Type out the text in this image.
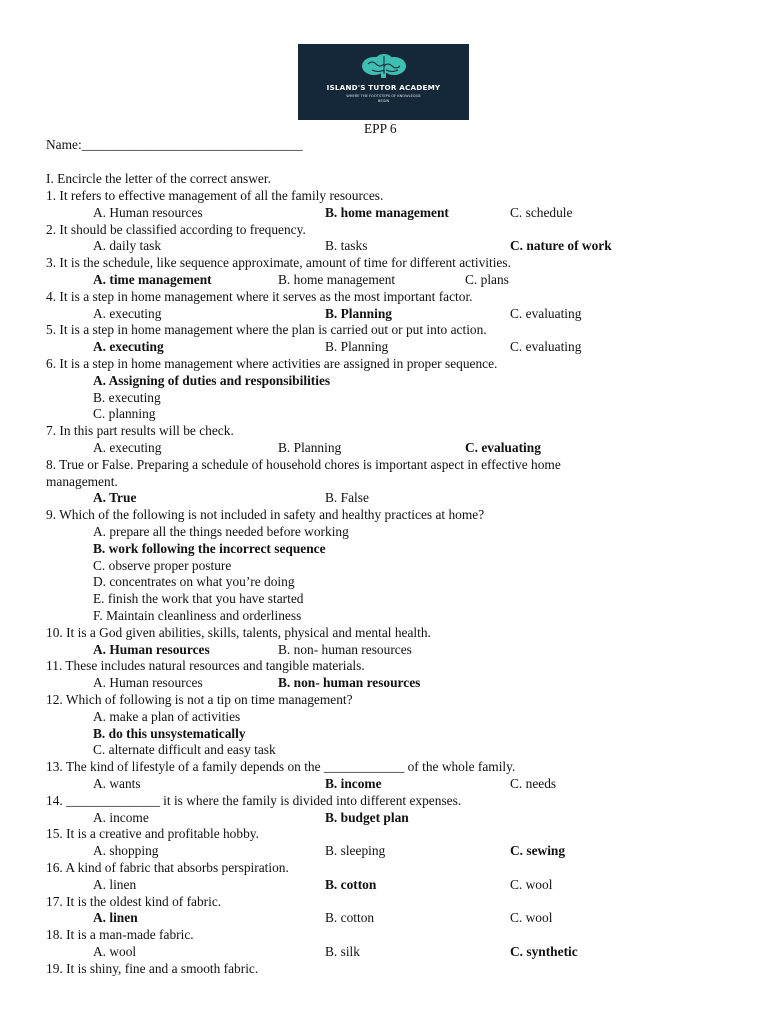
ISLAND'S TUTOR ACADEMY
WHERE THE FOOTSTEPS OF KNOWLEDGE BEGIN
EPP 6
Name:_________________________________
I. Encircle the letter of the correct answer.
1. It refers to effective management of all the family resources.
A. Human resources	B. home management	C. schedule
2. It should be classified according to frequency.
A. daily task	B. tasks	C. nature of work
3. It is the schedule, like sequence approximate, amount of time for different activities.
A. time management	B. home management	C. plans
4. It is a step in home management where it serves as the most important factor.
A. executing	B. Planning	C. evaluating
5. It is a step in home management where the plan is carried out or put into action.
A. executing	B. Planning	C. evaluating
6. It is a step in home management where activities are assigned in proper sequence.
A. Assigning of duties and responsibilities
B. executing
C. planning
7. In this part results will be check.
A. executing	B. Planning	C. evaluating
8. True or False. Preparing a schedule of household chores is important aspect in effective home
management.
A. True	B. False
9. Which of the following is not included in safety and healthy practices at home?
A. prepare all the things needed before working
B. work following the incorrect sequence
C. observe proper posture
D. concentrates on what you’re doing
E. finish the work that you have started
F. Maintain cleanliness and orderliness
10. It is a God given abilities, skills, talents, physical and mental health.
A. Human resources	B. non- human resources
11. These includes natural resources and tangible materials.
A. Human resources	B. non- human resources
12. Which of following is not a tip on time management?
A. make a plan of activities
B. do this unsystematically
C. alternate difficult and easy task
13. The kind of lifestyle of a family depends on the ____________ of the whole family.
A. wants	B. income	C. needs
14. ______________ it is where the family is divided into different expenses.
A. income	B. budget plan
15. It is a creative and profitable hobby.
A. shopping	B. sleeping	C. sewing
16. A kind of fabric that absorbs perspiration.
A. linen	B. cotton	C. wool
17. It is the oldest kind of fabric.
A. linen	B. cotton	C. wool
18. It is a man-made fabric.
A. wool	B. silk	C. synthetic
19. It is shiny, fine and a smooth fabric.
